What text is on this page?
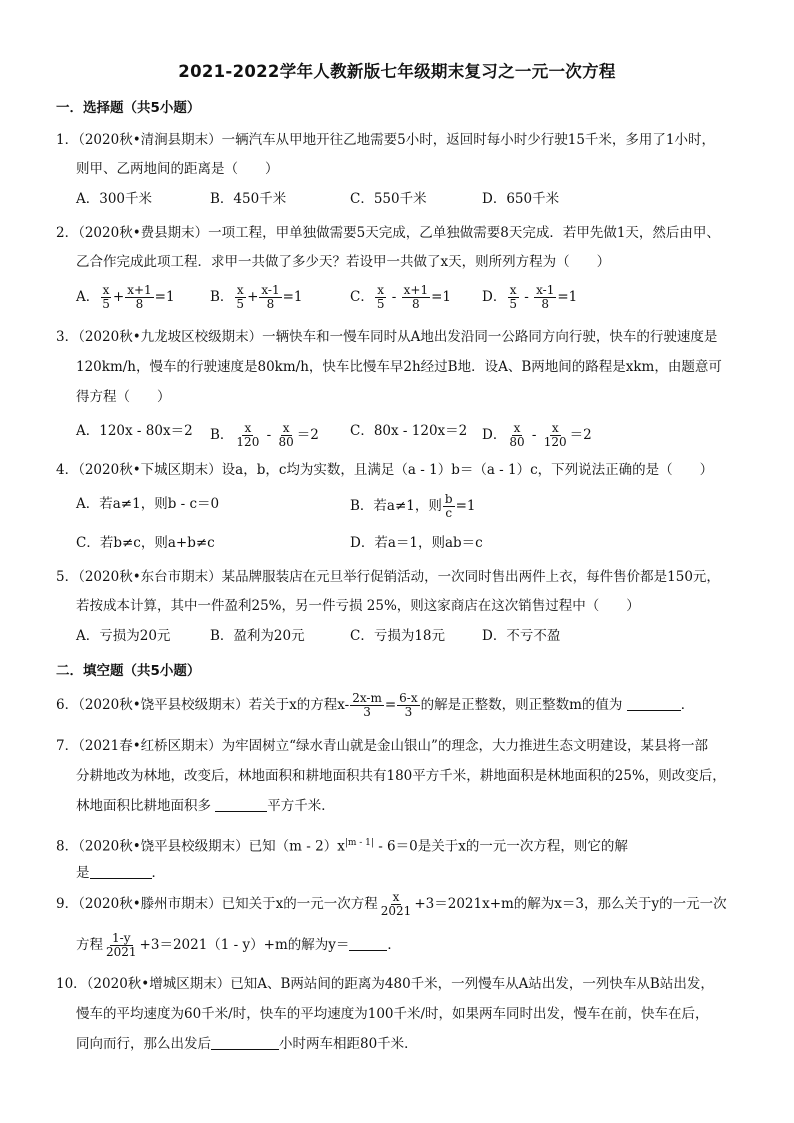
2021-2022学年人教新版七年级期末复习之一元一次方程
一．选择题（共5小题）
1．（2020秋•清涧县期末）一辆汽车从甲地开往乙地需要5小时，返回时每小时少行驶15千米，多用了1小时，
则甲、乙两地间的距离是（　　）
A．300千米	B．450千米	C．550千米	D．650千米
2．（2020秋•费县期末）一项工程，甲单独做需要5天完成，乙单独做需要8天完成．若甲先做1天，然后由甲、
乙合作完成此项工程．求甲一共做了多少天？若设甲一共做了x天，则所列方程为（　　）
A． $\frac{x}{5} + \frac{x+1}{8} =1$	B． $\frac{x}{5} + \frac{x-1}{8} =1$	C． $\frac{x}{5} - \frac{x+1}{8} =1$ D． $\frac{x}{5} - \frac{x-1}{8} =1$
3．（2020秋•九龙坡区校级期末）一辆快车和一慢车同时从A地出发沿同一公路同方向行驶，快车的行驶速度是
120km/h，慢车的行驶速度是80km/h，快车比慢车早2h经过B地．设A、B两地间的路程是xkm，由题意可
得方程（　　）
A．120x - 80x＝2 B． $\frac{x}{120} - \frac{x}{80} =2$ C．80x - 120x＝2 D． $\frac{x}{80} - \frac{x}{120} =2$
4．（2020秋•下城区期末）设a，b，c均为实数，且满足（a - 1）b＝（a - 1）c，下列说法正确的是（　　）
A．若a≠1，则b - c＝0	B．若a≠1，则 $\frac{b}{c} =1$
C．若b≠c，则a+b≠c	D．若a＝1，则ab＝c
5．（2020秋•东台市期末）某品牌服装店在元旦举行促销活动，一次同时售出两件上衣，每件售价都是150元，
若按成本计算，其中一件盈利25%，另一件亏损 25%，则这家商店在这次销售过程中（　　）
A．亏损为20元	B．盈利为20元	C．亏损为18元	D．不亏不盈
二．填空题（共5小题）
6．（2020秋•饶平县校级期末）若关于x的方程$x- \frac{2x-m}{3} = \frac{6-x}{3}$ 的解是正整数，则正整数m的值为	．
7．（2021春•红桥区期末）为牢固树立“绿水青山就是金山银山”的理念，大力推进生态文明建设，某县将一部
分耕地改为林地，改变后，林地面积和耕地面积共有180平方千米，耕地面积是林地面积的25%，则改变后，
林地面积比耕地面积多	平方千米．
8．（2020秋•饶平县校级期末）已知$(m - 2)x^{|m - 1|} - 6=0$是关于x的一元一次方程，则它的解
是	．
9．（2020秋•滕州市期末）已知关于x的一元一次方程 $\frac{x}{2021} +3=2021x+m$的解为x＝3，那么关于y的一元一次
方程 $\frac{1-y}{2021} +3=2021(1 - y)+m$的解为y＝	．
10．（2020秋•增城区期末）已知A、B两站间的距离为480千米，一列慢车从A站出发，一列快车从B站出发，
慢车的平均速度为60千米/时，快车的平均速度为100千米/时，如果两车同时出发，慢车在前，快车在后，
同向而行，那么出发后	小时两车相距80千米．
